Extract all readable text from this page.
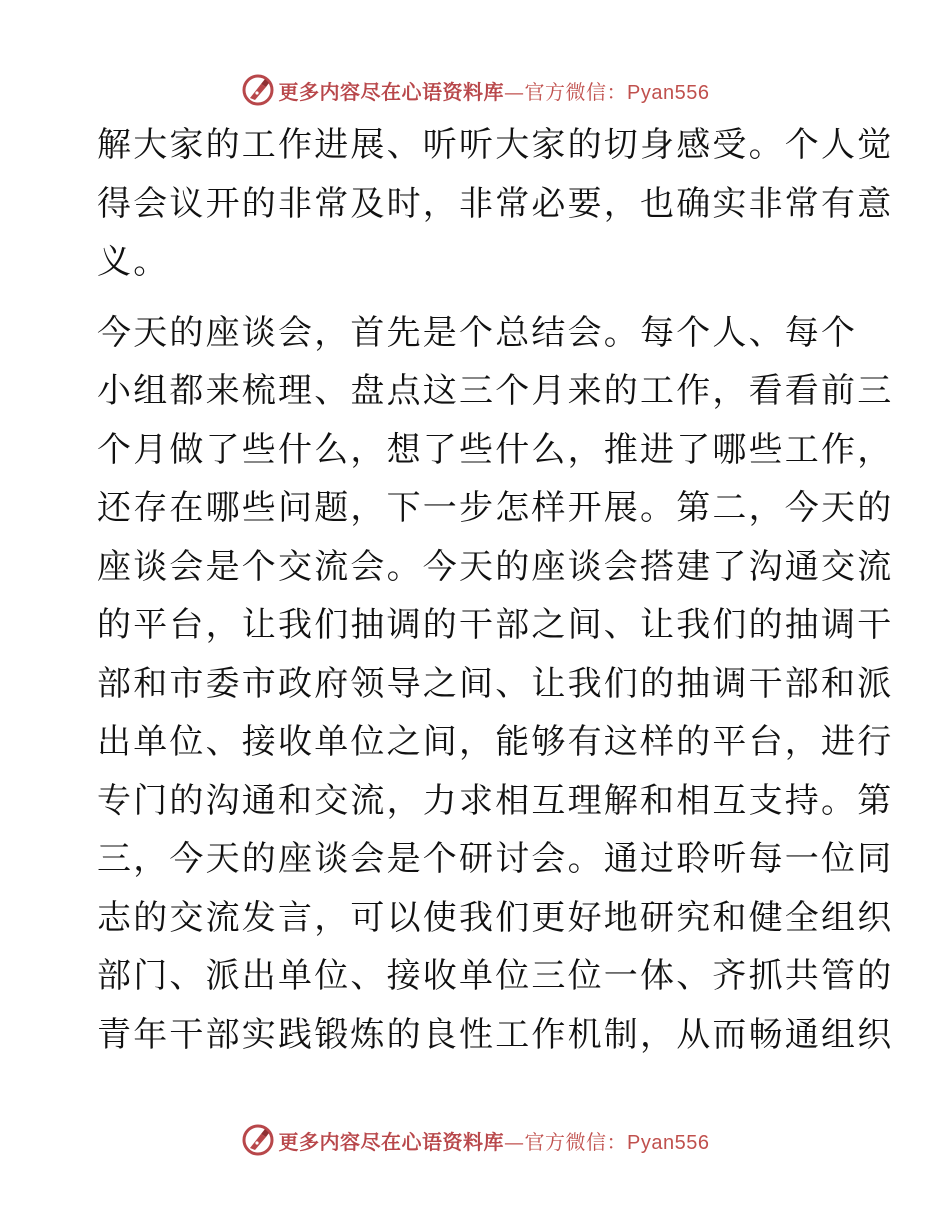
更多内容尽在心语资料库—官方微信：Pyan556

解大家的工作进展、听听大家的切身感受。个人觉
得会议开的非常及时，非常必要，也确实非常有意
义。

今天的座谈会，首先是个总结会。每个人、每个
小组都来梳理、盘点这三个月来的工作，看看前三
个月做了些什么，想了些什么，推进了哪些工作，
还存在哪些问题，下一步怎样开展。第二，今天的
座谈会是个交流会。今天的座谈会搭建了沟通交流
的平台，让我们抽调的干部之间、让我们的抽调干
部和市委市政府领导之间、让我们的抽调干部和派
出单位、接收单位之间，能够有这样的平台，进行
专门的沟通和交流，力求相互理解和相互支持。第
三，今天的座谈会是个研讨会。通过聆听每一位同
志的交流发言，可以使我们更好地研究和健全组织
部门、派出单位、接收单位三位一体、齐抓共管的
青年干部实践锻炼的良性工作机制，从而畅通组织

更多内容尽在心语资料库—官方微信：Pyan556
